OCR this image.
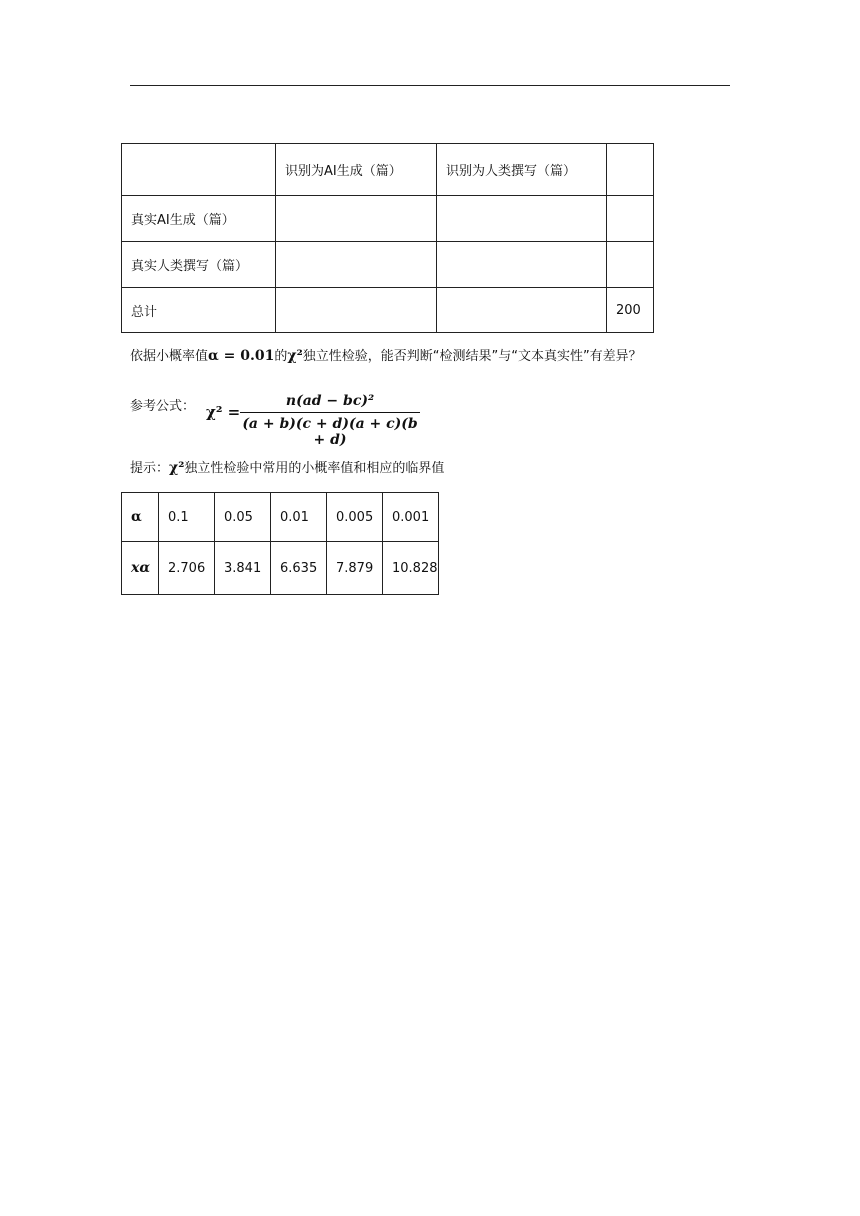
	识别为AI生成（篇）	识别为人类撰写（篇）	
真实AI生成（篇）			
真实人类撰写（篇）			
总计			200
依据小概率值α = 0.01的χ²独立性检验，能否判断“检测结果”与“文本真实性”有差异？
参考公式： χ² =
n(ad − bc)²
(a + b)(c + d)(a + c)(b + d)
提示：χ²独立性检验中常用的小概率值和相应的临界值
α	0.1	0.05	0.01	0.005	0.001
xα	2.706	3.841	6.635	7.879	10.828
